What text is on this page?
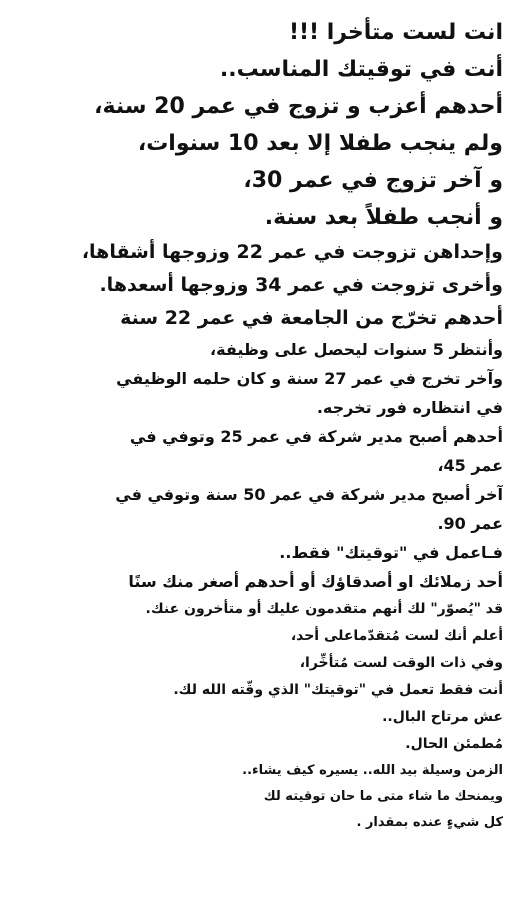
انت لست متأخرا !!!
أنت في توقيتك المناسب..
أحدهم أعزب و تزوج في عمر 20 سنة،
ولم ينجب طفلا إلا بعد 10 سنوات،
و آخر تزوج في عمر 30،
و أنجب طفلاً بعد سنة.
وإحداهن تزوجت في عمر 22 وزوجها أشقاها،
وأخرى تزوجت في عمر 34 وزوجها أسعدها.
أحدهم تخرّج من الجامعة في عمر 22 سنة
وأنتظر 5 سنوات ليحصل على وظيفة،
وآخر تخرج في عمر 27 سنة و كان حلمه الوظيفي
في انتظاره فور تخرجه.
أحدهم أصبح مدير شركة في عمر 25 وتوفي في
عمر 45،
آخر أصبح مدير شركة في عمر 50 سنة وتوفي في
عمر 90.
فـاعمل في "توقيتك" فقط..
أحد زملائك او أصدقاؤك أو أحدهم أصغر منك سنًا
قد "يُصوّر" لك أنهم متقدمون عليك أو متأخرون عنك.
أعلم أنك لست مُتقدّماعلى أحد،
وفي ذات الوقت لست مُتأخِّرا،
أنت فقط تعمل في "توقيتك" الذي وقّته الله لك.
عش مرتاح البال..
مُطمئن الحال.
الزمن وسيلة بيد الله.. يسيره كيف يشاء..
ويمنحك ما شاء متى ما حان توقيته لك
كل شيءٍ عنده بمقدار .
